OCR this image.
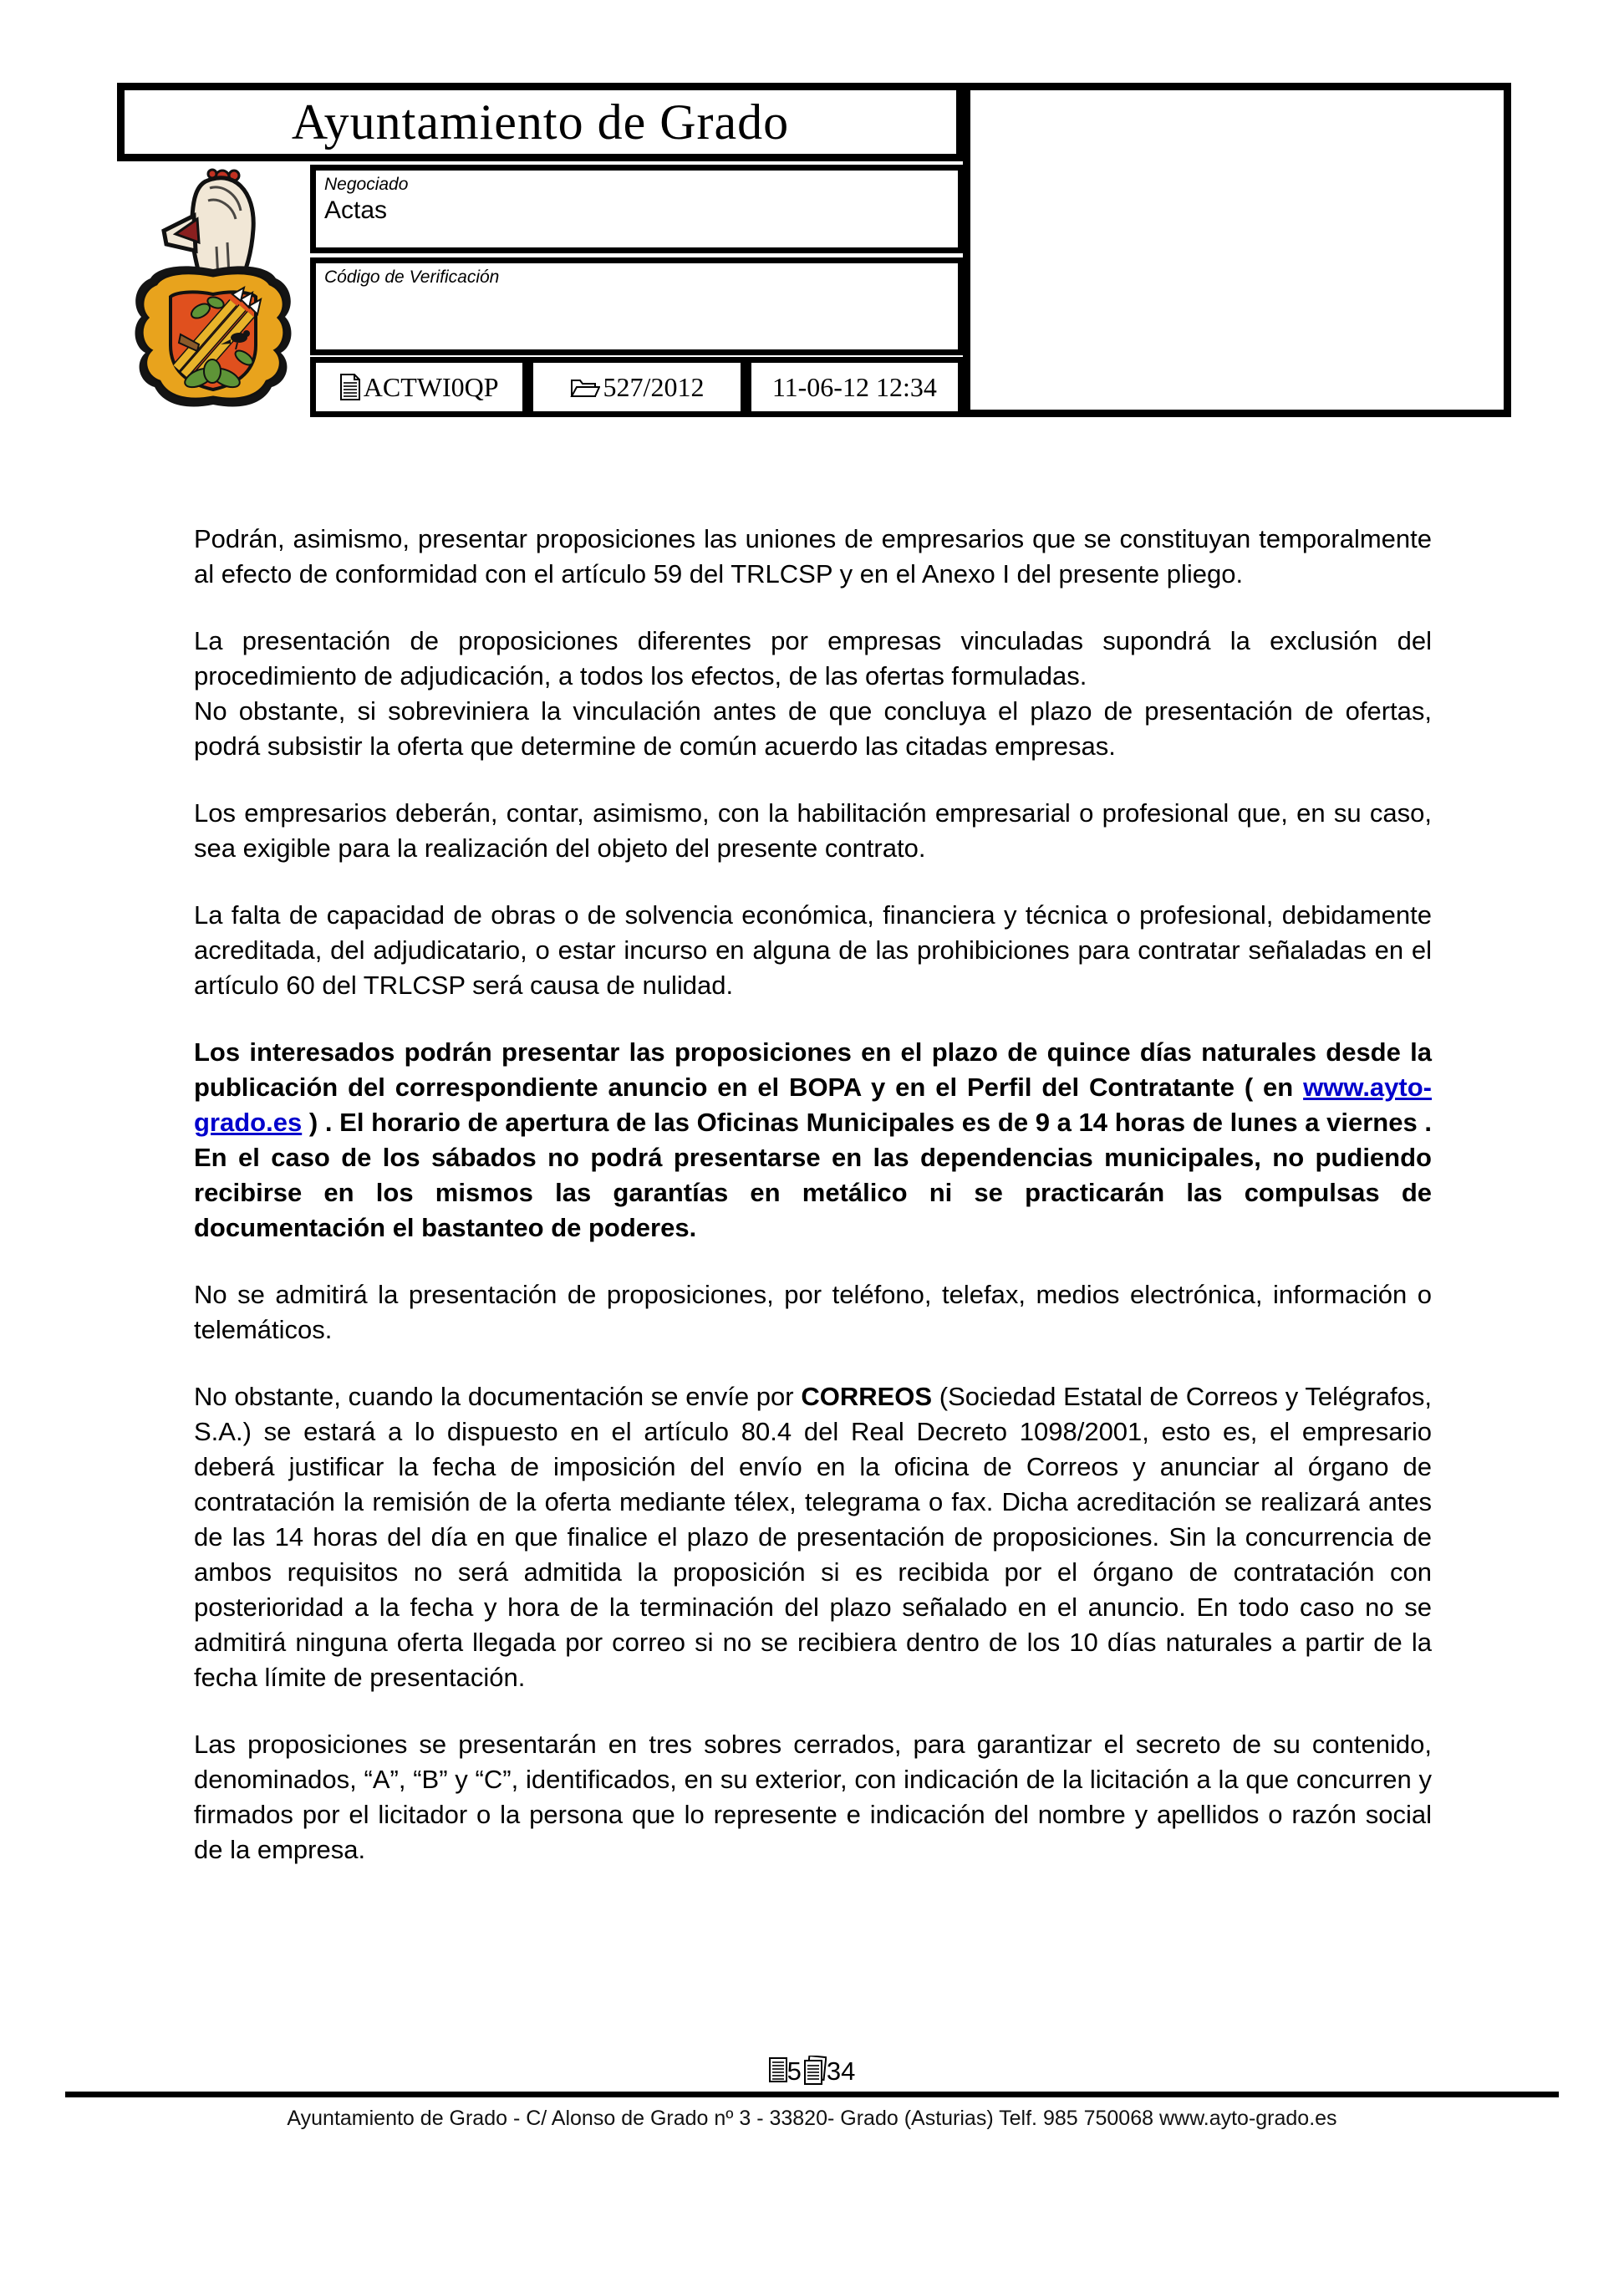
Ayuntamiento de Grado
Negociado
Actas
Código de Verificación
ACTWI0QP	527/2012	11-06-12 12:34

Podrán, asimismo, presentar proposiciones las uniones de empresarios que se constituyan temporalmente al efecto de conformidad con el artículo 59 del TRLCSP y en el Anexo I del presente pliego.

La presentación de proposiciones diferentes por empresas vinculadas supondrá la exclusión del procedimiento de adjudicación, a todos los efectos, de las ofertas formuladas.
No obstante, si sobreviniera la vinculación antes de que concluya el plazo de presentación de ofertas, podrá subsistir la oferta que determine de común acuerdo las citadas empresas.

Los empresarios deberán, contar, asimismo, con la habilitación empresarial o profesional que, en su caso, sea exigible para la realización del objeto del presente contrato.

La falta de capacidad de obras o de solvencia económica, financiera y técnica o profesional, debidamente acreditada, del adjudicatario, o estar incurso en alguna de las prohibiciones para contratar señaladas en el artículo 60 del TRLCSP será causa de nulidad.

Los interesados podrán presentar las proposiciones en el plazo de quince días naturales desde la publicación del correspondiente anuncio en el BOPA y en el Perfil del Contratante ( en www.ayto-grado.es ) . El horario de apertura de las Oficinas Municipales es de 9 a 14 horas de lunes a viernes . En el caso de los sábados no podrá presentarse en las dependencias municipales, no pudiendo recibirse en los mismos las garantías en metálico ni se practicarán las compulsas de documentación el bastanteo de poderes.

No se admitirá la presentación de proposiciones, por teléfono, telefax, medios electrónica, información o telemáticos.

No obstante, cuando la documentación se envíe por CORREOS (Sociedad Estatal de Correos y Telégrafos, S.A.) se estará a lo dispuesto en el artículo 80.4 del Real Decreto 1098/2001, esto es, el empresario deberá justificar la fecha de imposición del envío en la oficina de Correos y anunciar al órgano de contratación la remisión de la oferta mediante télex, telegrama o fax. Dicha acreditación se realizará antes de las 14 horas del día en que finalice el plazo de presentación de proposiciones. Sin la concurrencia de ambos requisitos no será admitida la proposición si es recibida por el órgano de contratación con posterioridad a la fecha y hora de la terminación del plazo señalado en el anuncio. En todo caso no se admitirá ninguna oferta llegada por correo si no se recibiera dentro de los 10 días naturales a partir de la fecha límite de presentación.

Las proposiciones se presentarán en tres sobres cerrados, para garantizar el secreto de su contenido, denominados, “A”, “B” y “C”, identificados, en su exterior, con indicación de la licitación a la que concurren y firmados por el licitador o la persona que lo represente e indicación del nombre y apellidos o razón social de la empresa.

5 34
Ayuntamiento de Grado - C/ Alonso de Grado nº 3 - 33820- Grado (Asturias) Telf. 985 750068 www.ayto-grado.es
